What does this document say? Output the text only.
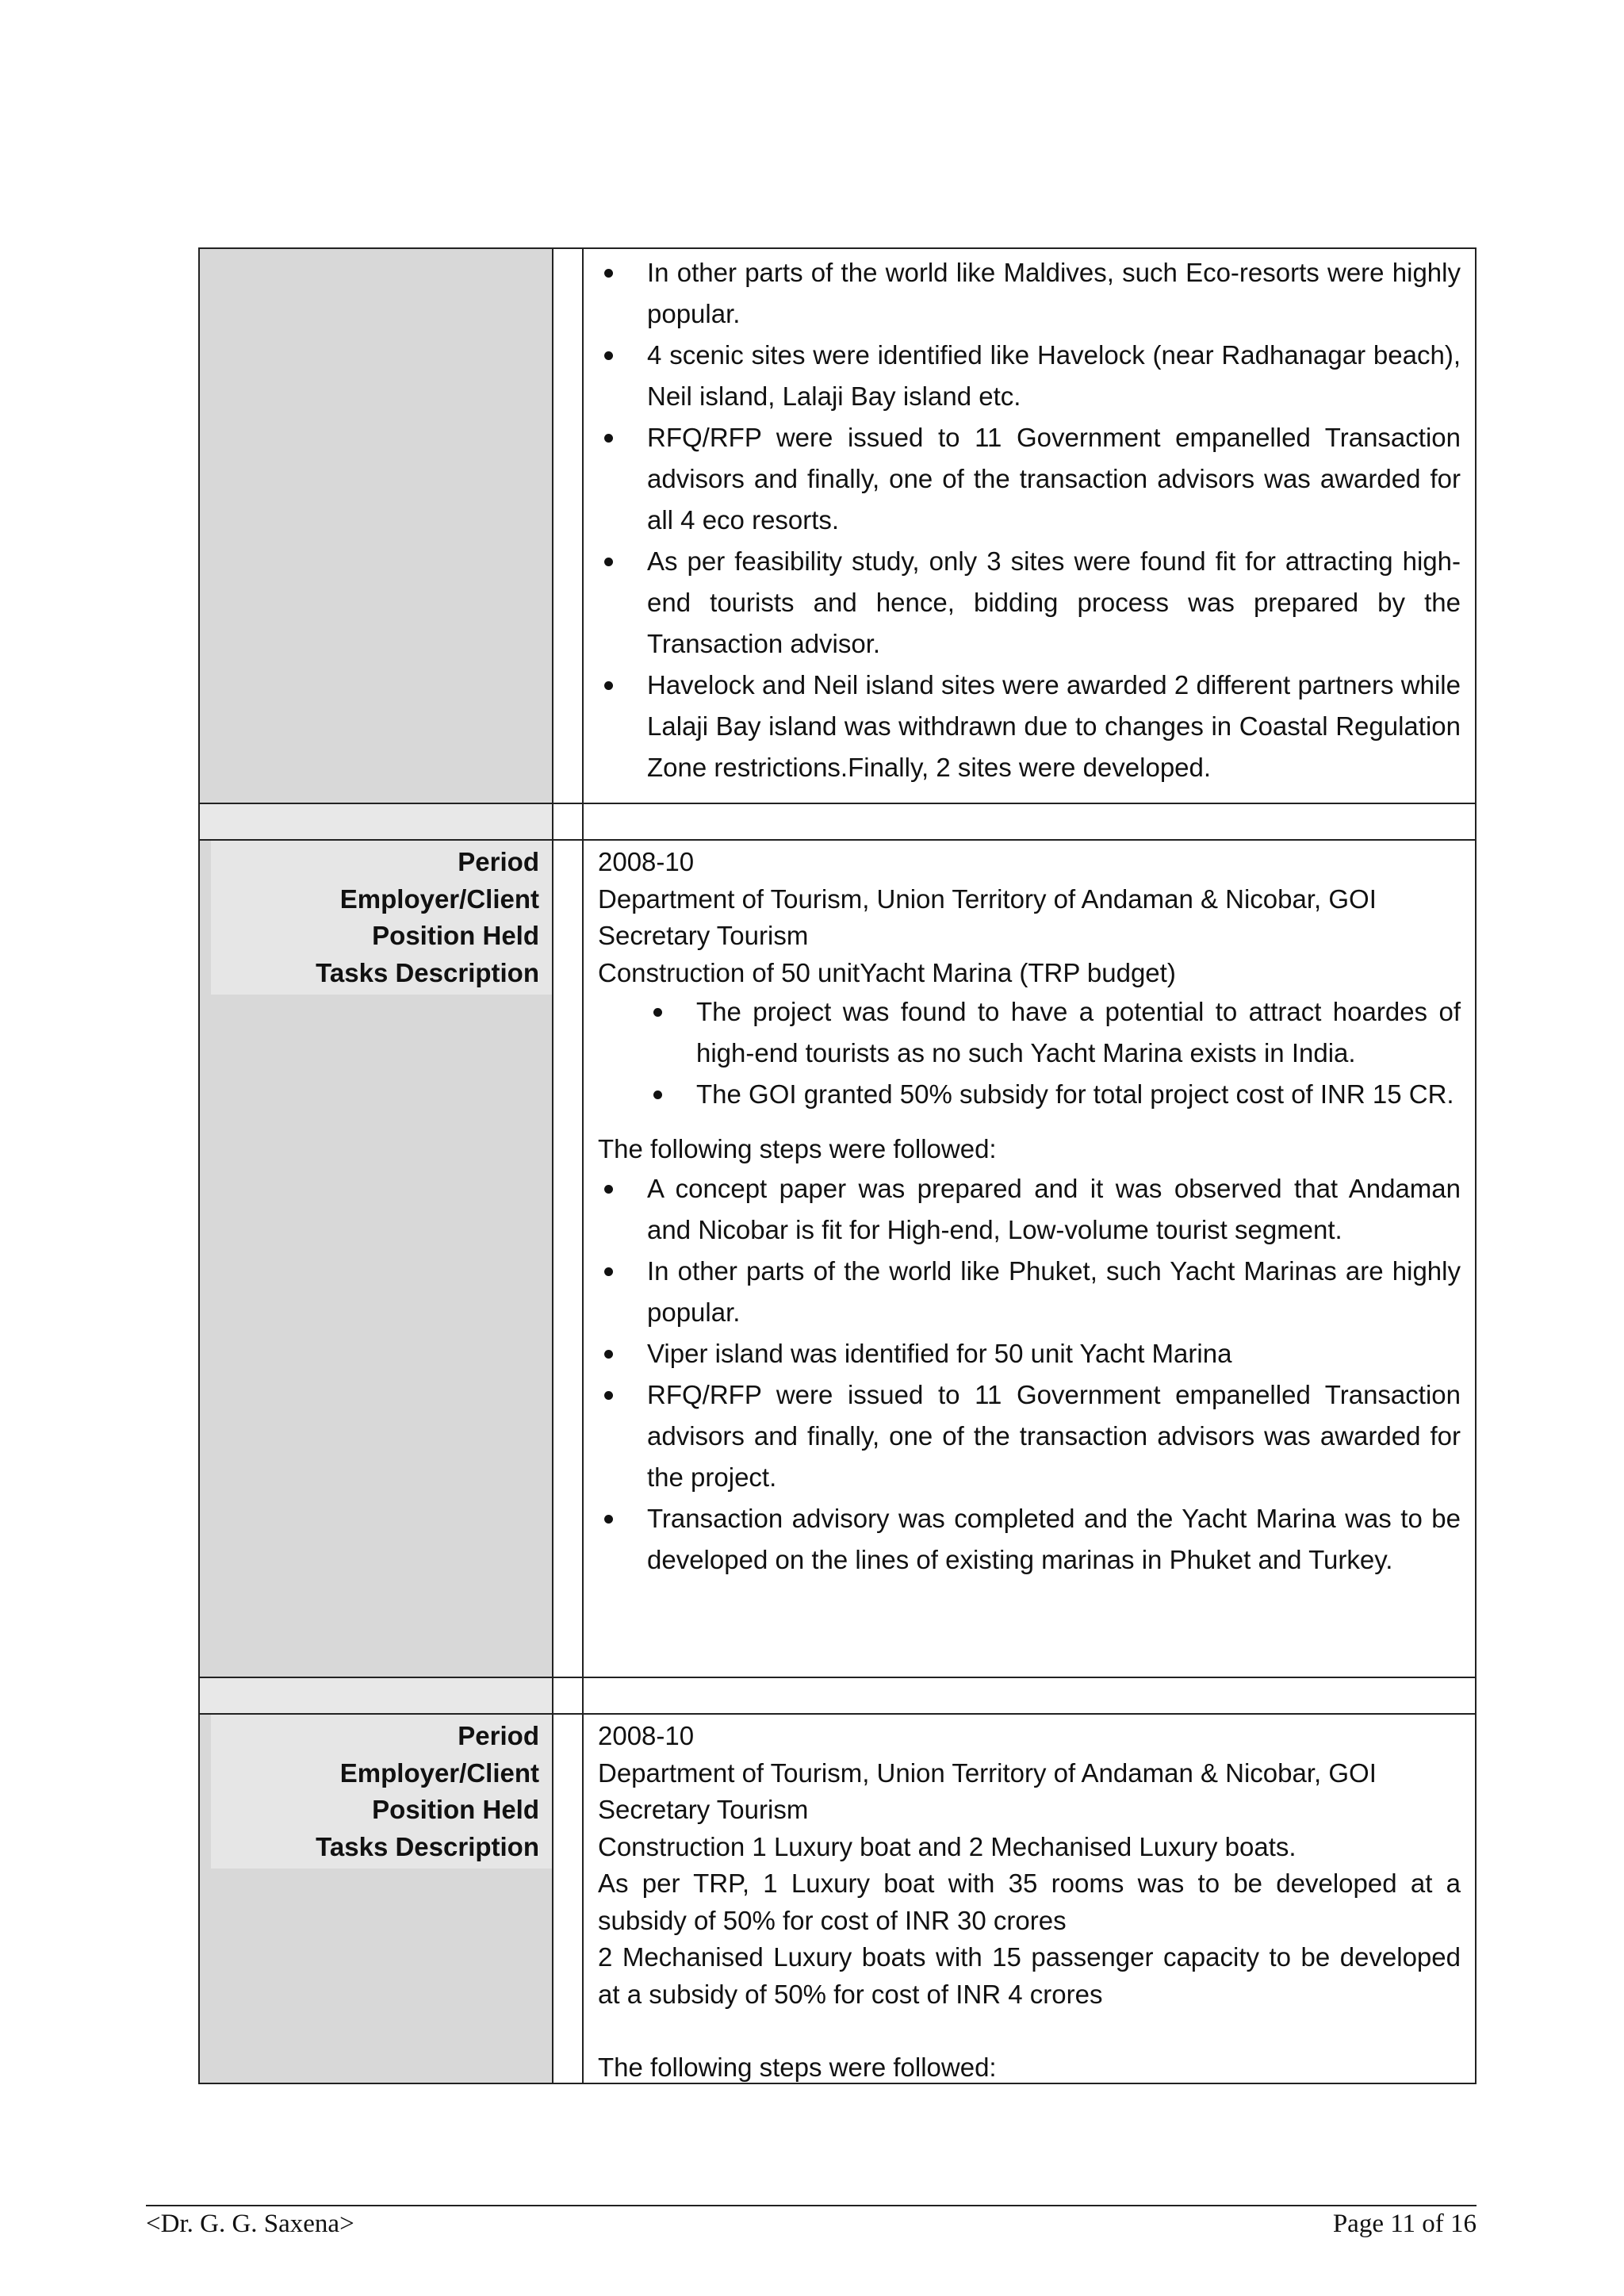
In other parts of the world like Maldives, such Eco-resorts were highly popular.
4 scenic sites were identified like Havelock (near Radhanagar beach), Neil island, Lalaji Bay island etc.
RFQ/RFP were issued to 11 Government empanelled Transaction advisors and finally, one of the transaction advisors was awarded for all 4 eco resorts.
As per feasibility study, only 3 sites were found fit for attracting high-end tourists and hence, bidding process was prepared by the Transaction advisor.
Havelock and Neil island sites were awarded 2 different partners while Lalaji Bay island was withdrawn due to changes in Coastal Regulation Zone restrictions.Finally, 2 sites were developed.
Period
Employer/Client
Position Held
Tasks Description
2008-10
Department of Tourism, Union Territory of Andaman & Nicobar, GOI
Secretary Tourism
Construction of 50 unitYacht Marina (TRP budget)
The project was found to have a potential to attract hoardes of high-end tourists as no such Yacht Marina exists in India.
The GOI granted 50% subsidy for total project cost of INR 15 CR.
The following steps were followed:
A concept paper was prepared and it was observed that Andaman and Nicobar is fit for High-end, Low-volume tourist segment.
In other parts of the world like Phuket, such Yacht Marinas are highly popular.
Viper island was identified for 50 unit Yacht Marina
RFQ/RFP were issued to 11 Government empanelled Transaction advisors and finally, one of the transaction advisors was awarded for the project.
Transaction advisory was completed and the Yacht Marina was to be developed on the lines of existing marinas in Phuket and Turkey.
Period
Employer/Client
Position Held
Tasks Description
2008-10
Department of Tourism, Union Territory of Andaman & Nicobar, GOI
Secretary Tourism
Construction 1 Luxury boat and 2 Mechanised Luxury boats.
As per TRP, 1 Luxury boat with 35 rooms was to be developed at a subsidy of 50% for cost of INR 30 crores
2 Mechanised Luxury boats with 15 passenger capacity to be developed at a subsidy of 50% for cost of INR 4 crores
The following steps were followed:
<Dr. G. G. Saxena>	Page 11 of 16
